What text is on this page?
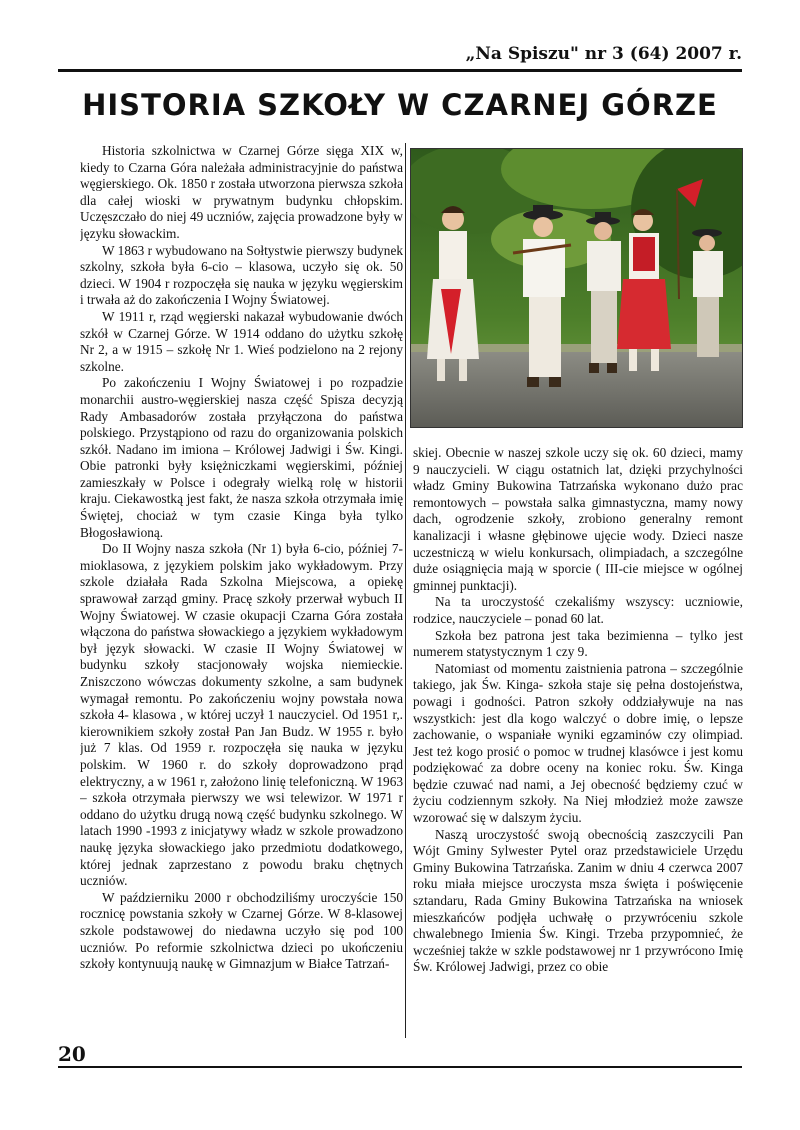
„Na Spiszu" nr 3 (64) 2007 r.
HISTORIA SZKOŁY W CZARNEJ GÓRZE

Historia szkolnictwa w Czarnej Górze sięga XIX w, kiedy to Czarna Góra należała administracyjnie do państwa węgierskiego. Ok. 1850 r została utworzona pierwsza szkoła dla całej wioski w prywatnym budynku chłopskim. Uczęszczało do niej 49 uczniów, zajęcia prowadzone były w języku słowackim.

W 1863 r wybudowano na Sołtystwie pierwszy budynek szkolny, szkoła była 6-cio – klasowa, uczyło się ok. 50 dzieci. W 1904 r rozpoczęła się nauka w języku węgierskim i trwała aż do zakończenia I Wojny Światowej.

W 1911 r, rząd węgierski nakazał wybudowanie dwóch szkół w Czarnej Górze. W 1914 oddano do użytku szkołę Nr 2, a w 1915 – szkołę Nr 1. Wieś podzielono na 2 rejony szkolne.

Po zakończeniu I Wojny Światowej i po rozpadzie monarchii austro-węgierskiej nasza część Spisza decyzją Rady Ambasadorów została przyłączona do państwa polskiego. Przystąpiono od razu do organizowania polskich szkół. Nadano im imiona – Królowej Jadwigi i Św. Kingi. Obie patronki były księżniczkami węgierskimi, później zamieszkały w Polsce i odegrały wielką rolę w historii kraju. Ciekawostką jest fakt, że nasza szkoła otrzymała imię Świętej, chociaż w tym czasie Kinga była tylko Błogosławioną.

Do II Wojny nasza szkoła (Nr 1) była 6-cio, później 7-mioklasowa, z językiem polskim jako wykładowym. Przy szkole działała Rada Szkolna Miejscowa, a opiekę sprawował zarząd gminy. Pracę szkoły przerwał wybuch II Wojny Światowej. W czasie okupacji Czarna Góra została włączona do państwa słowackiego a językiem wykładowym był język słowacki. W czasie II Wojny Światowej w budynku szkoły stacjonowały wojska niemieckie. Zniszczono wówczas dokumenty szkolne, a sam budynek wymagał remontu. Po zakończeniu wojny powstała nowa szkoła 4- klasowa , w której uczył 1 nauczyciel. Od 1951 r,. kierownikiem szkoły został Pan Jan Budz. W 1955 r. było już 7 klas. Od 1959 r. rozpoczęła się nauka w języku polskim. W 1960 r. do szkoły doprowadzono prąd elektryczny, a w 1961 r, założono linię telefoniczną. W 1963 – szkoła otrzymała pierwszy we wsi telewizor. W 1971 r oddano do użytku drugą nową część budynku szkolnego. W latach 1990 -1993 z inicjatywy władz w szkole prowadzono naukę języka słowackiego jako przedmiotu dodatkowego, której jednak zaprzestano z powodu braku chętnych uczniów.

W październiku 2000 r obchodziliśmy uroczyście 150 rocznicę powstania szkoły w Czarnej Górze. W 8-klasowej szkole podstawowej do niedawna uczyło się pod 100 uczniów. Po reformie szkolnictwa dzieci po ukończeniu szkoły kontynuują naukę w Gimnazjum w Białce Tatrzań-

skiej. Obecnie w naszej szkole uczy się ok. 60 dzieci, mamy 9 nauczycieli. W ciągu ostatnich lat, dzięki przychylności władz Gminy Bukowina Tatrzańska wykonano dużo prac remontowych – powstała salka gimnastyczna, mamy nowy dach, ogrodzenie szkoły, zrobiono generalny remont kanalizacji i własne głębinowe ujęcie wody. Dzieci nasze uczestniczą w wielu konkursach, olimpiadach, a szczególne duże osiągnięcia mają w sporcie ( III-cie miejsce w ogólnej gminnej punktacji).

Na ta uroczystość czekaliśmy wszyscy: uczniowie, rodzice, nauczyciele – ponad 60 lat.

Szkoła bez patrona jest taka bezimienna – tylko jest numerem statystycznym 1 czy 9.

Natomiast od momentu zaistnienia patrona – szczególnie takiego, jak Św. Kinga- szkoła staje się pełna dostojeństwa, powagi i godności. Patron szkoły oddziaływuje na nas wszystkich: jest dla kogo walczyć o dobre imię, o lepsze zachowanie, o wspaniałe wyniki egzaminów czy olimpiad. Jest też kogo prosić o pomoc w trudnej klasówce i jest komu podziękować za dobre oceny na koniec roku. Św. Kinga będzie czuwać nad nami, a Jej obecność będziemy czuć w życiu codziennym szkoły. Na Niej młodzież może zawsze wzorować się w dalszym życiu.

Naszą uroczystość swoją obecnością zaszczycili Pan Wójt Gminy Sylwester Pytel oraz przedstawiciele Urzędu Gminy Bukowina Tatrzańska. Zanim w dniu 4 czerwca 2007 roku miała miejsce uroczysta msza święta i poświęcenie sztandaru, Rada Gminy Bukowina Tatrzańska na wniosek mieszkańców podjęła uchwałę o przywróceniu szkole chwalebnego Imienia Św. Kingi. Trzeba przypomnieć, że wcześniej także w szkle podstawowej nr 1 przywrócono Imię Św. Królowej Jadwigi, przez co obie

20
